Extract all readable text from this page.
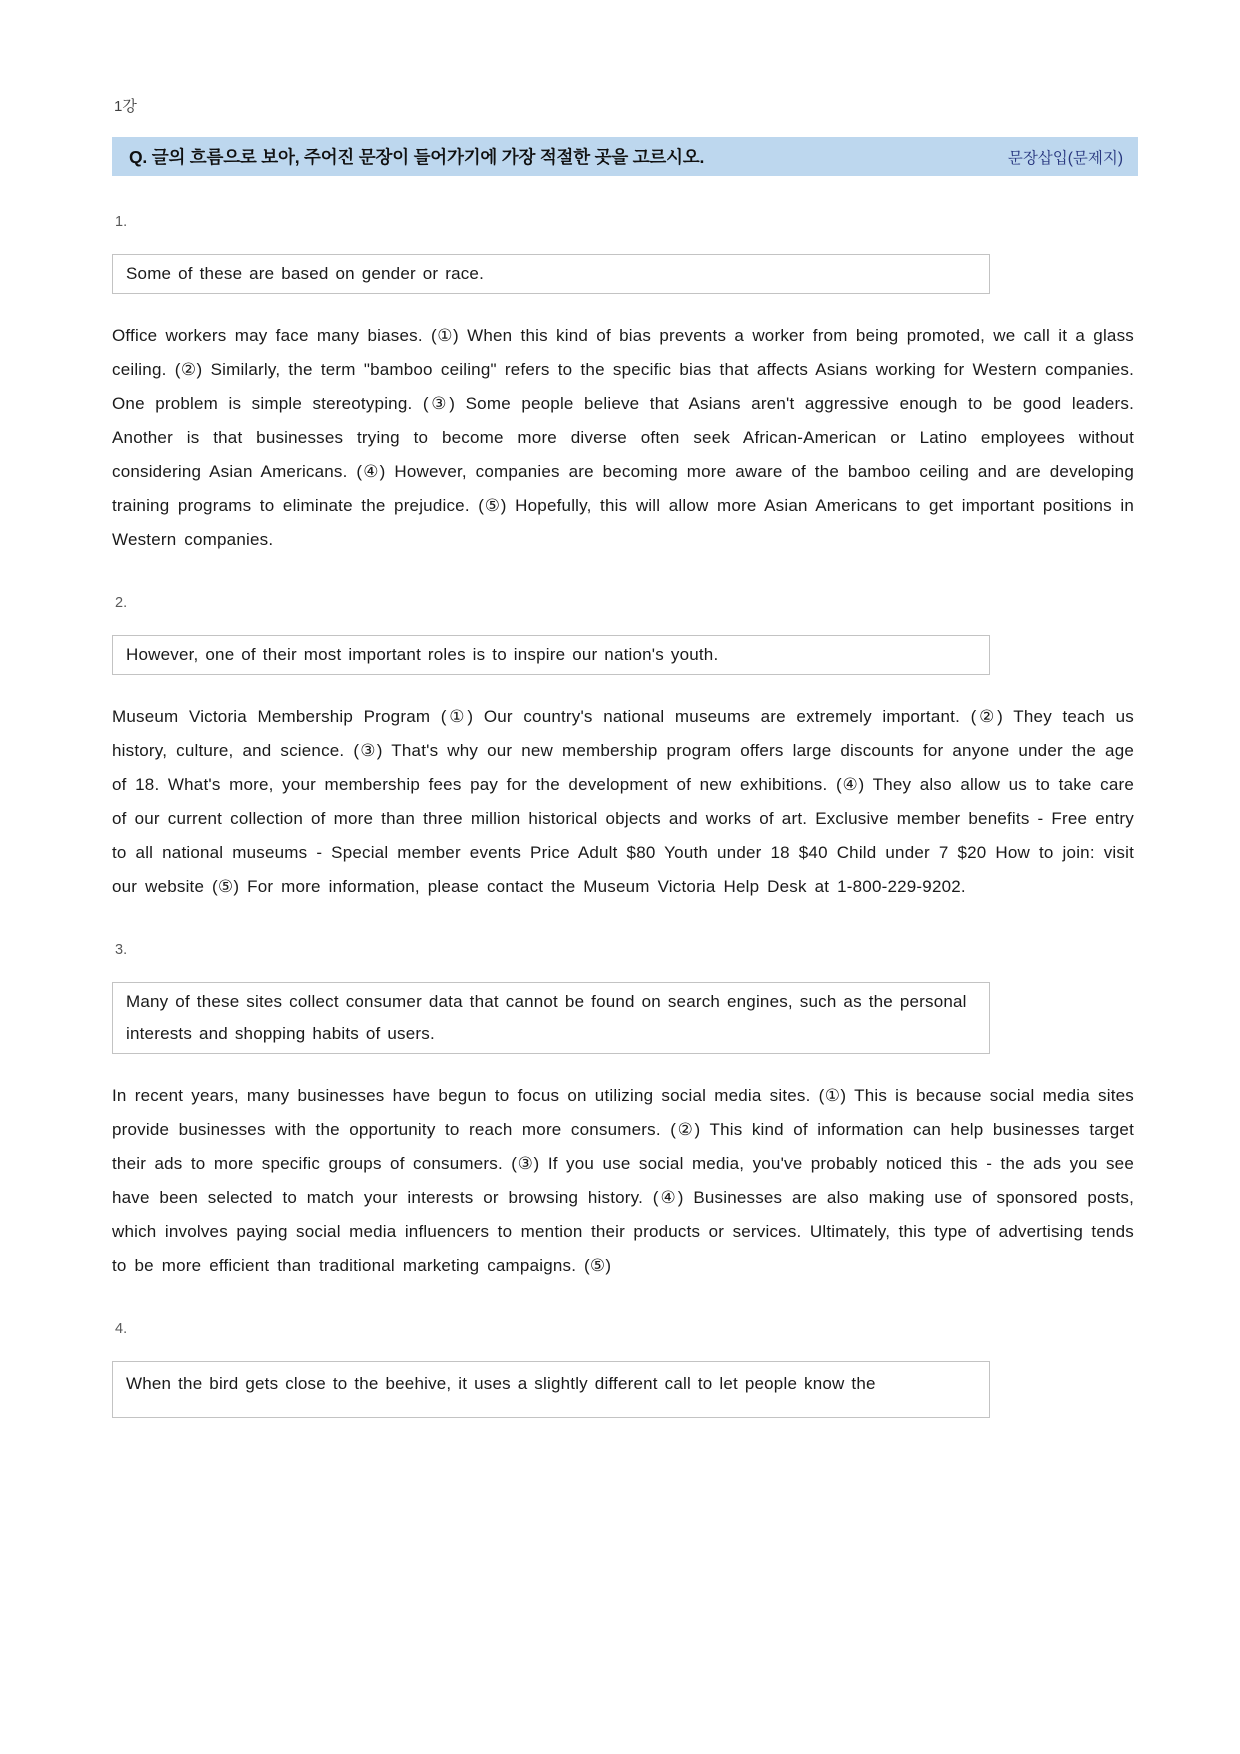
1강
Q. 글의 흐름으로 보아, 주어진 문장이 들어가기에 가장 적절한 곳을 고르시오.	문장삽입(문제지)
1.

Some of these are based on gender or race.

Office workers may face many biases. (①) When this kind of bias prevents a worker from being promoted, we call it a glass ceiling. (②) Similarly, the term "bamboo ceiling" refers to the specific bias that affects Asians working for Western companies. One problem is simple stereotyping. (③) Some people believe that Asians aren't aggressive enough to be good leaders. Another is that businesses trying to become more diverse often seek African-American or Latino employees without considering Asian Americans. (④) However, companies are becoming more aware of the bamboo ceiling and are developing training programs to eliminate the prejudice. (⑤) Hopefully, this will allow more Asian Americans to get important positions in Western companies.

2.

However, one of their most important roles is to inspire our nation's youth.

Museum Victoria Membership Program (①) Our country's national museums are extremely important. (②) They teach us history, culture, and science. (③) That's why our new membership program offers large discounts for anyone under the age of 18. What's more, your membership fees pay for the development of new exhibitions. (④) They also allow us to take care of our current collection of more than three million historical objects and works of art. Exclusive member benefits - Free entry to all national museums - Special member events Price Adult $80 Youth under 18 $40 Child under 7 $20 How to join: visit our website (⑤) For more information, please contact the Museum Victoria Help Desk at 1-800-229-9202.

3.

Many of these sites collect consumer data that cannot be found on search engines, such as the personal interests and shopping habits of users.

In recent years, many businesses have begun to focus on utilizing social media sites. (①) This is because social media sites provide businesses with the opportunity to reach more consumers. (②) This kind of information can help businesses target their ads to more specific groups of consumers. (③) If you use social media, you've probably noticed this - the ads you see have been selected to match your interests or browsing history. (④) Businesses are also making use of sponsored posts, which involves paying social media influencers to mention their products or services. Ultimately, this type of advertising tends to be more efficient than traditional marketing campaigns. (⑤)

4.

When the bird gets close to the beehive, it uses a slightly different call to let people know the
